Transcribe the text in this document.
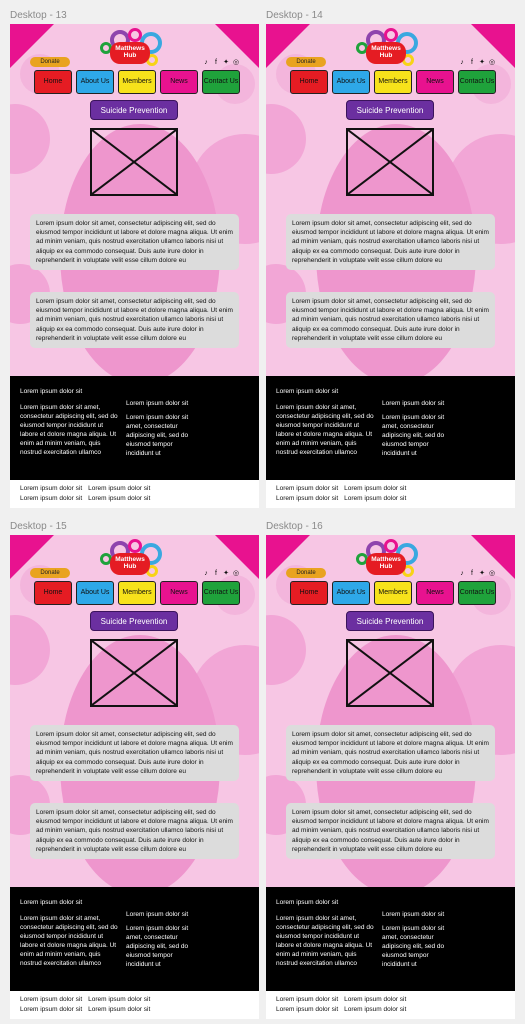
Desktop - 13
Matthews Hub
Donate	♪	f ✦ ◎
Home	About Us	Members	News	Contact Us
Suicide Prevention
Lorem ipsum dolor sit amet, consectetur adipiscing elit, sed do eiusmod tempor incididunt ut labore et dolore magna aliqua. Ut enim ad minim veniam, quis nostrud exercitation ullamco laboris nisi ut aliquip ex ea commodo consequat. Duis aute irure dolor in reprehenderit in voluptate velit esse cillum dolore eu
Lorem ipsum dolor sit amet, consectetur adipiscing elit, sed do eiusmod tempor incididunt ut labore et dolore magna aliqua. Ut enim ad minim veniam, quis nostrud exercitation ullamco laboris nisi ut aliquip ex ea commodo consequat. Duis aute irure dolor in reprehenderit in voluptate velit esse cillum dolore eu
Lorem ipsum dolor sit
Lorem ipsum dolor sit amet, consectetur adipiscing elit, sed do eiusmod tempor incididunt ut labore et dolore magna aliqua. Ut enim ad minim veniam, quis nostrud exercitation ullamco
Lorem ipsum dolor sit
Lorem ipsum dolor sit amet, consectetur adipiscing elit, sed do eiusmod tempor incididunt ut
Lorem ipsum dolor sit Lorem ipsum dolor sit
Lorem ipsum dolor sit Lorem ipsum dolor sit
Desktop - 14
Matthews Hub
Donate	♪	f ✦ ◎
Home	About Us	Members	News	Contact Us
Suicide Prevention
Lorem ipsum dolor sit amet, consectetur adipiscing elit, sed do eiusmod tempor incididunt ut labore et dolore magna aliqua. Ut enim ad minim veniam, quis nostrud exercitation ullamco laboris nisi ut aliquip ex ea commodo consequat. Duis aute irure dolor in reprehenderit in voluptate velit esse cillum dolore eu
Lorem ipsum dolor sit amet, consectetur adipiscing elit, sed do eiusmod tempor incididunt ut labore et dolore magna aliqua. Ut enim ad minim veniam, quis nostrud exercitation ullamco laboris nisi ut aliquip ex ea commodo consequat. Duis aute irure dolor in reprehenderit in voluptate velit esse cillum dolore eu
Lorem ipsum dolor sit
Lorem ipsum dolor sit amet, consectetur adipiscing elit, sed do eiusmod tempor incididunt ut labore et dolore magna aliqua. Ut enim ad minim veniam, quis nostrud exercitation ullamco
Lorem ipsum dolor sit
Lorem ipsum dolor sit amet, consectetur adipiscing elit, sed do eiusmod tempor incididunt ut
Lorem ipsum dolor sit Lorem ipsum dolor sit
Lorem ipsum dolor sit Lorem ipsum dolor sit
Desktop - 15
Matthews Hub
Donate	♪	f ✦ ◎
Home	About Us	Members	News	Contact Us
Suicide Prevention
Lorem ipsum dolor sit amet, consectetur adipiscing elit, sed do eiusmod tempor incididunt ut labore et dolore magna aliqua. Ut enim ad minim veniam, quis nostrud exercitation ullamco laboris nisi ut aliquip ex ea commodo consequat. Duis aute irure dolor in reprehenderit in voluptate velit esse cillum dolore eu
Lorem ipsum dolor sit amet, consectetur adipiscing elit, sed do eiusmod tempor incididunt ut labore et dolore magna aliqua. Ut enim ad minim veniam, quis nostrud exercitation ullamco laboris nisi ut aliquip ex ea commodo consequat. Duis aute irure dolor in reprehenderit in voluptate velit esse cillum dolore eu
Lorem ipsum dolor sit
Lorem ipsum dolor sit amet, consectetur adipiscing elit, sed do eiusmod tempor incididunt ut labore et dolore magna aliqua. Ut enim ad minim veniam, quis nostrud exercitation ullamco
Lorem ipsum dolor sit
Lorem ipsum dolor sit amet, consectetur adipiscing elit, sed do eiusmod tempor incididunt ut
Lorem ipsum dolor sit Lorem ipsum dolor sit
Lorem ipsum dolor sit Lorem ipsum dolor sit
Desktop - 16
Matthews Hub
Donate	♪	f ✦ ◎
Home	About Us	Members	News	Contact Us
Suicide Prevention
Lorem ipsum dolor sit amet, consectetur adipiscing elit, sed do eiusmod tempor incididunt ut labore et dolore magna aliqua. Ut enim ad minim veniam, quis nostrud exercitation ullamco laboris nisi ut aliquip ex ea commodo consequat. Duis aute irure dolor in reprehenderit in voluptate velit esse cillum dolore eu
Lorem ipsum dolor sit amet, consectetur adipiscing elit, sed do eiusmod tempor incididunt ut labore et dolore magna aliqua. Ut enim ad minim veniam, quis nostrud exercitation ullamco laboris nisi ut aliquip ex ea commodo consequat. Duis aute irure dolor in reprehenderit in voluptate velit esse cillum dolore eu
Lorem ipsum dolor sit
Lorem ipsum dolor sit amet, consectetur adipiscing elit, sed do eiusmod tempor incididunt ut labore et dolore magna aliqua. Ut enim ad minim veniam, quis nostrud exercitation ullamco
Lorem ipsum dolor sit
Lorem ipsum dolor sit amet, consectetur adipiscing elit, sed do eiusmod tempor incididunt ut
Lorem ipsum dolor sit Lorem ipsum dolor sit
Lorem ipsum dolor sit Lorem ipsum dolor sit
